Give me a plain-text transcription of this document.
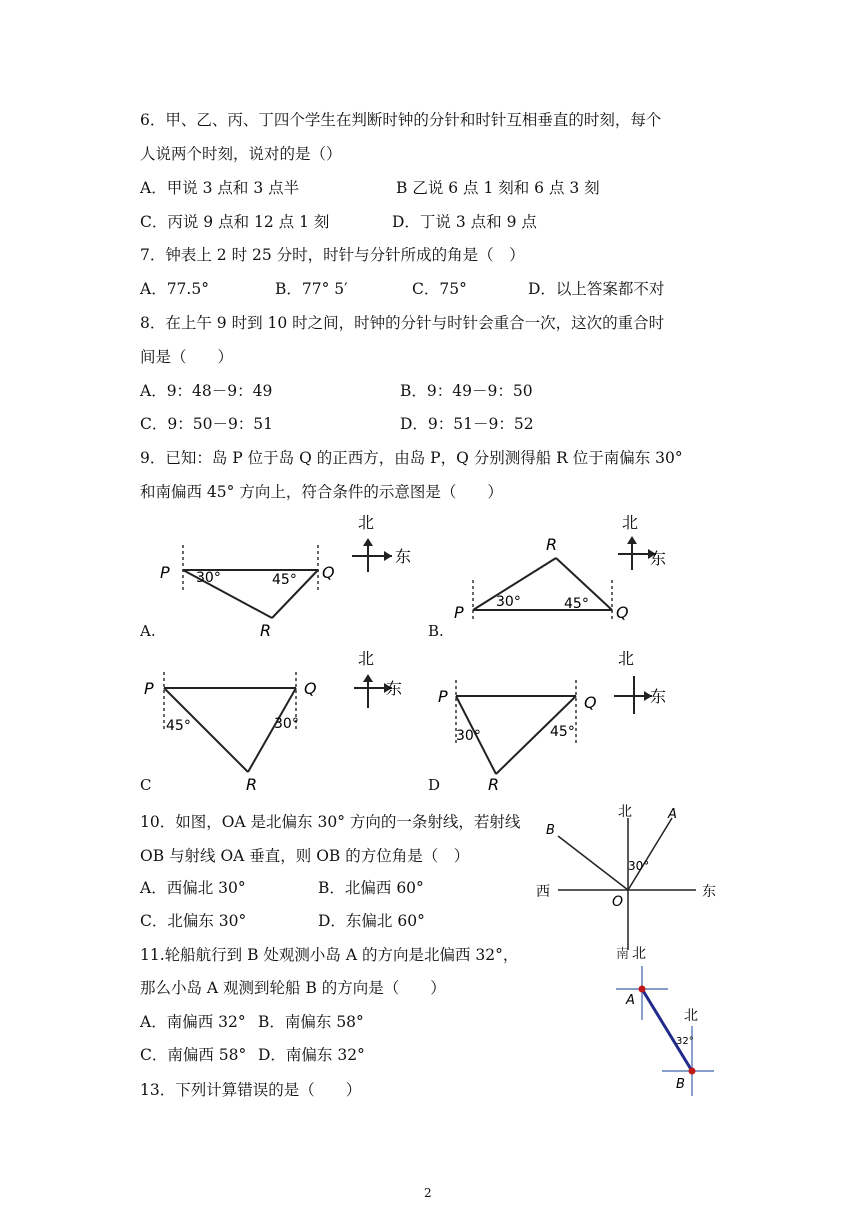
6．甲、乙、丙、丁四个学生在判断时钟的分针和时针互相垂直的时刻，每个
人说两个时刻，说对的是（）
A．甲说 3 点和 3 点半	B 乙说 6 点 1 刻和 6 点 3 刻
C．丙说 9 点和 12 点 1 刻	D．丁说 3 点和 9 点
7．钟表上 2 时 25 分时，时针与分针所成的角是（　）
A．77.5°	B．77° 5′	C．75°	D．以上答案都不对
8．在上午 9 时到 10 时之间，时钟的分针与时针会重合一次，这次的重合时
间是（　　）
A．9：48－9：49	B．9：49－9：50
C．9：50－9：51	D．9：51－9：52
9．已知：岛 P 位于岛 Q 的正西方，由岛 P，Q 分别测得船 R 位于南偏东 30°
和南偏西 45° 方向上，符合条件的示意图是（　　）
P	Q
R
30°	45°
北
东
A.
P	Q
R
30°	45°
北
东
B.
P	Q
R
45°	30°
北
东
C
P	Q
R
30°	45°
北
东
D
10．如图，OA 是北偏东 30° 方向的一条射线，若射线
OB 与射线 OA 垂直，则 OB 的方位角是（　）
A．西偏北 30°	B．北偏西 60°
C．北偏东 30°	D．东偏北 60°
北
西	东
O
A
B
30°
11.轮船航行到 B 处观测小岛 A 的方向是北偏西 32°，
那么小岛 A 观测到轮船 B 的方向是（　　）
A．南偏西 32° B．南偏东 58°
C．南偏西 58° D．南偏东 32°
南 北
北
A
B
32°
13．下列计算错误的是（　　）
2
